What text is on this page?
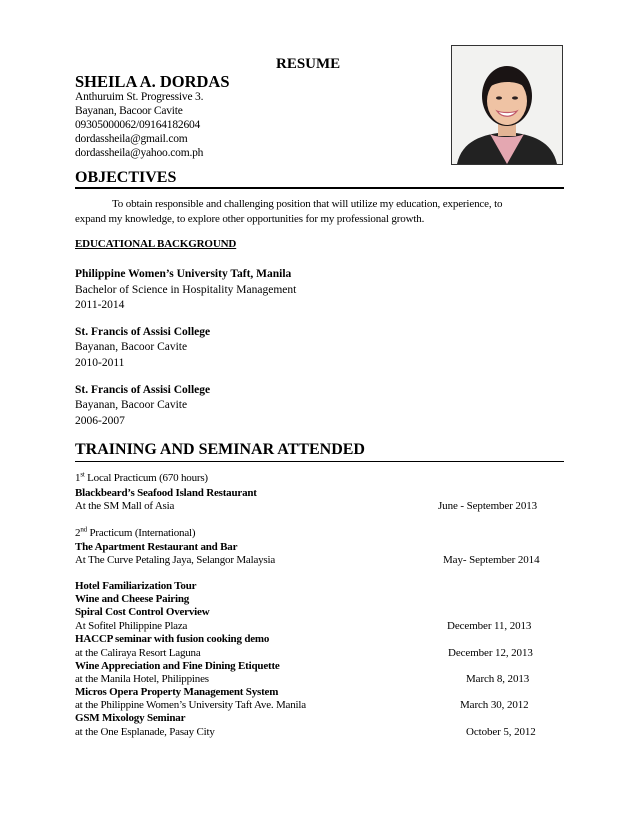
RESUME
SHEILA A. DORDAS
Anthuruim St. Progressive 3.
Bayanan, Bacoor Cavite
09305000062/09164182604
dordassheila@gmail.com
dordassheila@yahoo.com.ph
OBJECTIVES
To obtain responsible and challenging position that will utilize my education, experience, to
expand my knowledge, to explore other opportunities for my professional growth.
EDUCATIONAL BACKGROUND
Philippine Women’s University Taft, Manila
Bachelor of Science in Hospitality Management
2011-2014
St. Francis of Assisi College
Bayanan, Bacoor Cavite
2010-2011
St. Francis of Assisi College
Bayanan, Bacoor Cavite
2006-2007
TRAINING AND SEMINAR ATTENDED
1st Local Practicum (670 hours)
Blackbeard’s Seafood Island Restaurant
At the SM Mall of Asia	June - September 2013
2nd Practicum (International)
The Apartment Restaurant and Bar
At The Curve Petaling Jaya, Selangor Malaysia	May- September 2014
Hotel Familiarization Tour
Wine and Cheese Pairing
Spiral Cost Control Overview
At Sofitel Philippine Plaza	December 11, 2013
HACCP seminar with fusion cooking demo
at the Caliraya Resort Laguna	December 12, 2013
Wine Appreciation and Fine Dining Etiquette
at the Manila Hotel, Philippines	March 8, 2013
Micros Opera Property Management System
at the Philippine Women’s University Taft Ave. Manila	March 30, 2012
GSM Mixology Seminar
at the One Esplanade, Pasay City	October 5, 2012
